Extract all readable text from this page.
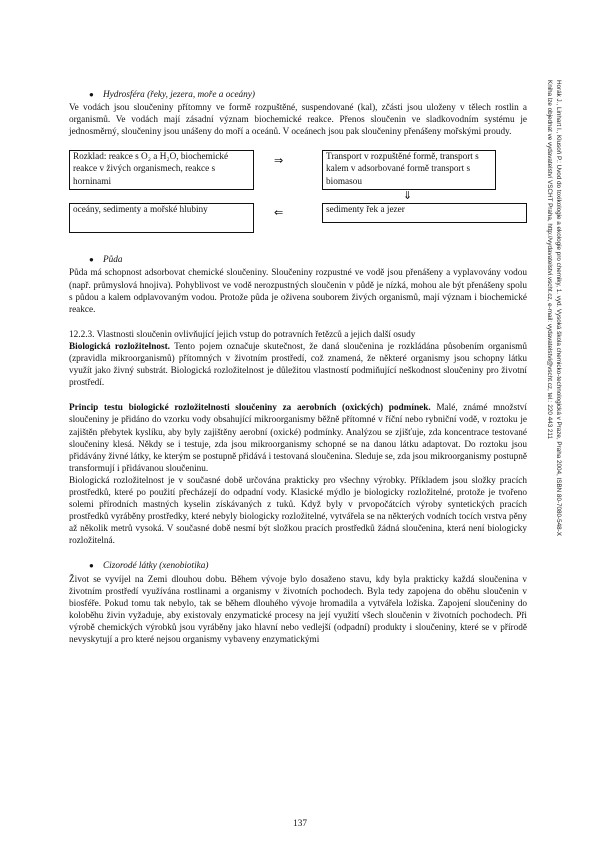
Horák J., Linhart I., Klusoň P.: Úvod do toxikologie a ekologie pro chemiky, 1. vyd. Vysoká škola chemicko-technologická v Praze, Praha 2004, ISBN 80-7080-548-X
Kniha lze objednat ve vydavatelství VŠCHT Praha, http://vydavatelstvi.vscht.cz, e-mail: vydavatelstvi@vscht.cz, tel.: 220 443 211
● Hydrosféra (řeky, jezera, moře a oceány)

Ve vodách jsou sloučeniny přítomny ve formě rozpuštěné, suspendované (kal), zčásti jsou uloženy v tělech rostlin a organismů. Ve vodách mají zásadní význam biochemické reakce. Přenos sloučenin ve sladkovodním systému je jednosměrný, sloučeniny jsou unášeny do moří a oceánů. V oceánech jsou pak sloučeniny přenášeny mořskými proudy.

Rozklad: reakce s O₂ a H₂O, biochemické reakce v živých organismech, reakce s horninami
⇒	Transport v rozpuštěné formě, transport s kalem v adsorbované formě transport s biomasou
⇓
oceány, sedimenty a mořské hlubiny	⇐	sedimenty řek a jezer
● Půda

Půda má schopnost adsorbovat chemické sloučeniny. Sloučeniny rozpustné ve vodě jsou přenášeny a vyplavovány vodou (např. průmyslová hnojiva). Pohyblivost ve vodě nerozpustných sloučenin v půdě je nízká, mohou ale být přenášeny spolu s půdou a kalem odplavovaným vodou. Protože půda je oživena souborem živých organismů, mají význam i biochemické reakce.

12.2.3. Vlastnosti sloučenin ovlivňující jejich vstup do potravních řetězců a jejich další osudy

Biologická rozložitelnost. Tento pojem označuje skutečnost, že daná sloučenina je rozkládána působením organismů (zpravidla mikroorganismů) přítomných v životním prostředí, což znamená, že některé organismy jsou schopny látku využít jako živný substrát. Biologická rozložitelnost je důležitou vlastností podmiňující neškodnost sloučeniny pro životní prostředí.

Princip testu biologické rozložitelnosti sloučeniny za aerobních (oxických) podmínek. Malé, známé množství sloučeniny je přidáno do vzorku vody obsahující mikroorganismy běžně přítomné v říční nebo rybniční vodě, v roztoku je zajištěn přebytek kyslíku, aby byly zajištěny aerobní (oxické) podmínky. Analýzou se zjišťuje, zda koncentrace testované sloučeniny klesá. Někdy se i testuje, zda jsou mikroorganismy schopné se na danou látku adaptovat. Do roztoku jsou přidávány živné látky, ke kterým se postupně přidává i testovaná sloučenina. Sleduje se, zda jsou mikroorganismy postupně transformují i přidávanou sloučeninu.

Biologická rozložitelnost je v současné době určována prakticky pro všechny výrobky. Příkladem jsou složky pracích prostředků, které po použití přecházejí do odpadní vody. Klasické mýdlo je biologicky rozložitelné, protože je tvořeno solemi přírodních mastných kyselin získávaných z tuků. Když byly v prvopočátcích výroby syntetických pracích prostředků vyráběny prostředky, které nebyly biologicky rozložitelné, vytvářela se na některých vodních tocích vrstva pěny až několik metrů vysoká. V současné době nesmí být složkou pracích prostředků žádná sloučenina, která není biologicky rozložitelná.

● Cizorodé látky (xenobiotika)

Život se vyvíjel na Zemi dlouhou dobu. Během vývoje bylo dosaženo stavu, kdy byla prakticky každá sloučenina v životním prostředí využívána rostlinami a organismy v životních pochodech. Byla tedy zapojena do oběhu sloučenin v biosféře. Pokud tomu tak nebylo, tak se během dlouhého vývoje hromadila a vytvářela ložiska. Zapojení sloučeniny do koloběhu živin vyžaduje, aby existovaly enzymatické procesy na její využití všech sloučenin v životních pochodech. Při výrobě chemických výrobků jsou vyráběny jako hlavní nebo vedlejší (odpadní) produkty i sloučeniny, které se v přírodě nevyskytují a pro které nejsou organismy vybaveny enzymatickými

137
